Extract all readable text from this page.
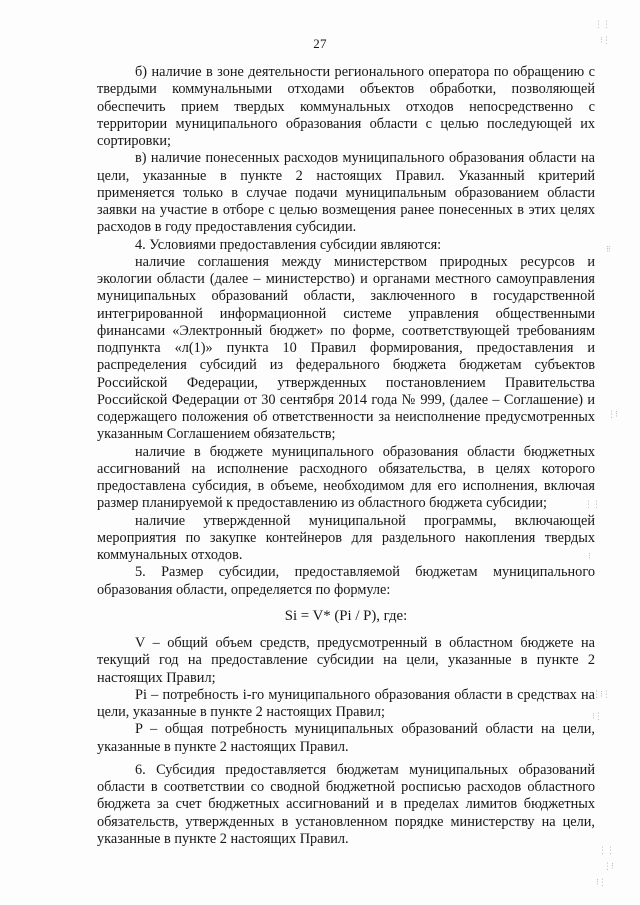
27

б) наличие в зоне деятельности регионального оператора по обращению с твердыми коммунальными отходами объектов обработки, позволяющей обеспечить прием твердых коммунальных отходов непосредственно с территории муниципального образования области с целью последующей их сортировки;

в) наличие понесенных расходов муниципального образования области на цели, указанные в пункте 2 настоящих Правил. Указанный критерий применяется только в случае подачи муниципальным образованием области заявки на участие в отборе с целью возмещения ранее понесенных в этих целях расходов в году предоставления субсидии.

4. Условиями предоставления субсидии являются:

наличие соглашения между министерством природных ресурсов и экологии области (далее – министерство) и органами местного самоуправления муниципальных образований области, заключенного в государственной интегрированной информационной системе управления общественными финансами «Электронный бюджет» по форме, соответствующей требованиям подпункта «л(1)» пункта 10 Правил формирования, предоставления и распределения субсидий из федерального бюджета бюджетам субъектов Российской Федерации, утвержденных постановлением Правительства Российской Федерации от 30 сентября 2014 года № 999, (далее – Соглашение) и содержащего положения об ответственности за неисполнение предусмотренных указанным Соглашением обязательств;

наличие в бюджете муниципального образования области бюджетных ассигнований на исполнение расходного обязательства, в целях которого предоставлена субсидия, в объеме, необходимом для его исполнения, включая размер планируемой к предоставлению из областного бюджета субсидии;

наличие утвержденной муниципальной программы, включающей мероприятия по закупке контейнеров для раздельного накопления твердых коммунальных отходов.

5. Размер субсидии, предоставляемой бюджетам муниципального образования области, определяется по формуле:

Si = V* (Pi / P), где:

V – общий объем средств, предусмотренный в областном бюджете на текущий год на предоставление субсидии на цели, указанные в пункте 2 настоящих Правил;

Pi – потребность i-го муниципального образования области в средствах на цели, указанные в пункте 2 настоящих Правил;

P – общая потребность муниципальных образований области на цели, указанные в пункте 2 настоящих Правил.

6. Субсидия предоставляется бюджетам муниципальных образований области в соответствии со сводной бюджетной росписью расходов областного бюджета за счет бюджетных ассигнований и в пределах лимитов бюджетных обязательств, утвержденных в установленном порядке министерству на цели, указанные в пункте 2 настоящих Правил.

⋮⋮
⁝⋮
⁝⁝
⋮⁝
⋮⋮
⁝
⋮⁝⋮
⁝⋮
⋮⋮
⋮⁝
⁝⋮
